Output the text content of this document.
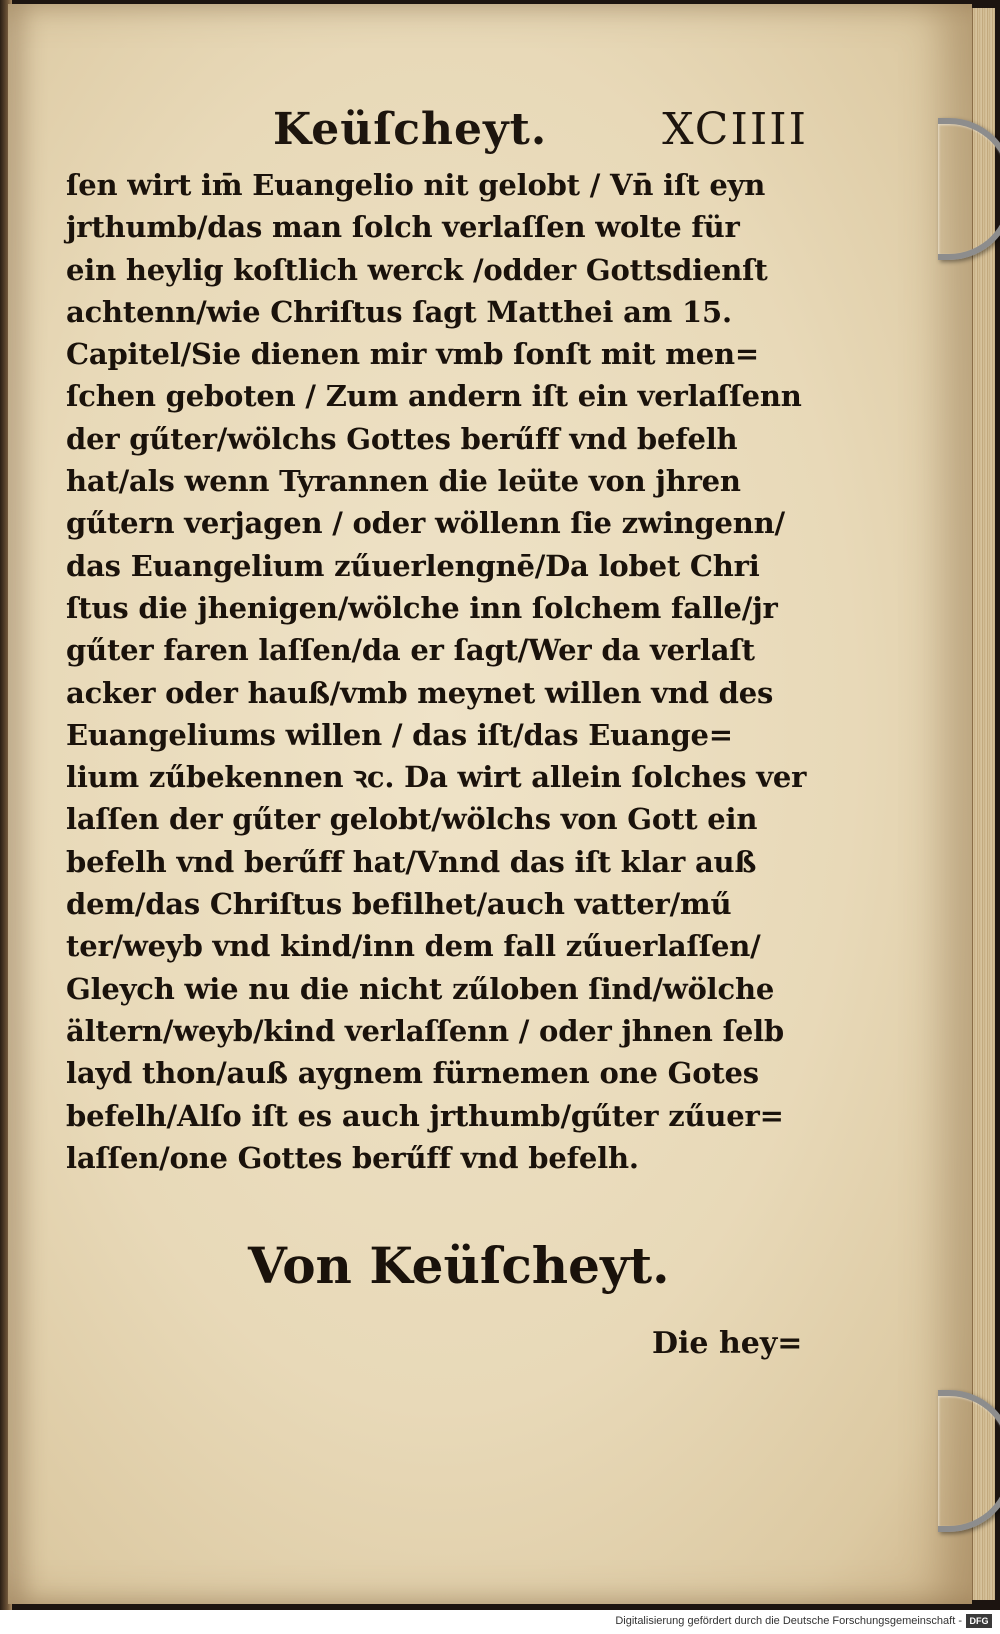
Keüſcheyt.	XCIIII
ſen wirt im̄ Euangelio nit gelobt / Vn̄ iſt eyn
jrthumb/das man ſolch verlaſſen wolte für
ein heylig koſtlich werck /odder Gottsdienſt
achtenn/wie Chriſtus ſagt Matthei am 15.
Capitel/Sie dienen mir vmb ſonſt mit men=
ſchen geboten / Zum andern iſt ein verlaſſenn
der gűter/wölchs Gottes berűff vnd befelh
hat/als wenn Tyrannen die leüte von jhren
gűtern verjagen / oder wöllenn ſie zwingenn/
das Euangelium zűuerlengnē/Da lobet Chri
ſtus die jhenigen/wölche inn ſolchem falle/jr
gűter faren laſſen/da er ſagt/Wer da verlaſt
acker oder hauß/vmb meynet willen vnd des
Euangeliums willen / das iſt/das Euange=
lium zűbekennen ꝛc. Da wirt allein ſolches ver
laſſen der gűter gelobt/wölchs von Gott ein
befelh vnd berűff hat/Vnnd das iſt klar auß
dem/das Chriſtus befilhet/auch vatter/mű
ter/weyb vnd kind/inn dem fall zűuerlaſſen/
Gleych wie nu die nicht zűloben ſind/wölche
ältern/weyb/kind verlaſſenn / oder jhnen ſelb
layd thon/auß aygnem fürnemen one Gotes
befelh/Alſo iſt es auch jrthumb/gűter zűuer=
laſſen/one Gottes berűff vnd befelh.
Von Keüſcheyt.
Die hey=
Digitalisierung gefördert durch die Deutsche Forschungsgemeinschaft - DFG
